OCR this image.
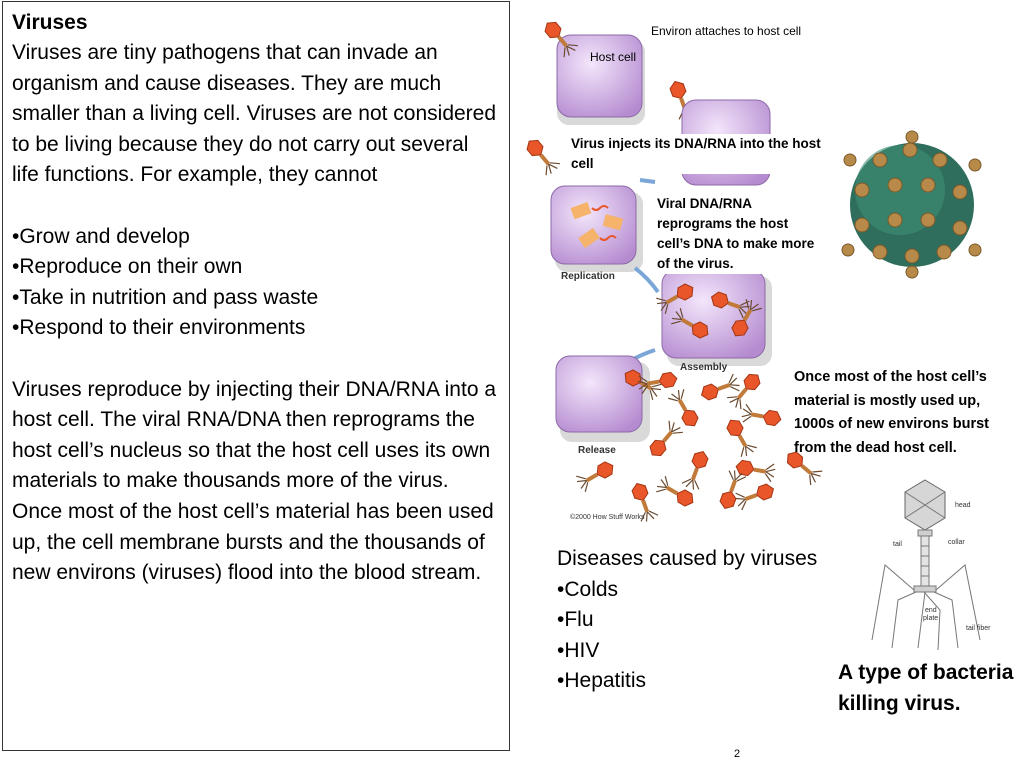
Viruses

Viruses are tiny pathogens that can invade an organism and cause diseases. They are much smaller than a living cell. Viruses are not considered to be living because they do not carry out several life functions. For example, they cannot

•Grow and develop
•Reproduce on their own
•Take in nutrition and pass waste
•Respond to their environments

Viruses reproduce by injecting their DNA/RNA into a host cell. The viral RNA/DNA then reprograms the host cell’s nucleus so that the host cell uses its own materials to make thousands more of the virus. Once most of the host cell’s material has been used up, the cell membrane bursts and the thousands of new environs (viruses) flood into the blood stream.

Replication
Assembly
Release
©2000 How Stuff Works
head
tail	collar
end
plate
tail fiber
Environ attaches to host cell
Host cell
Virus injects its DNA/RNA into the host cell
Viral DNA/RNA reprograms the host cell’s DNA to make more of the virus.
Once most of the host cell’s material is mostly used up, 1000s of new environs burst from the dead host cell.
Diseases caused by viruses
•Colds
•Flu
•HIV
•Hepatitis	A type of bacteria killing virus.
2
